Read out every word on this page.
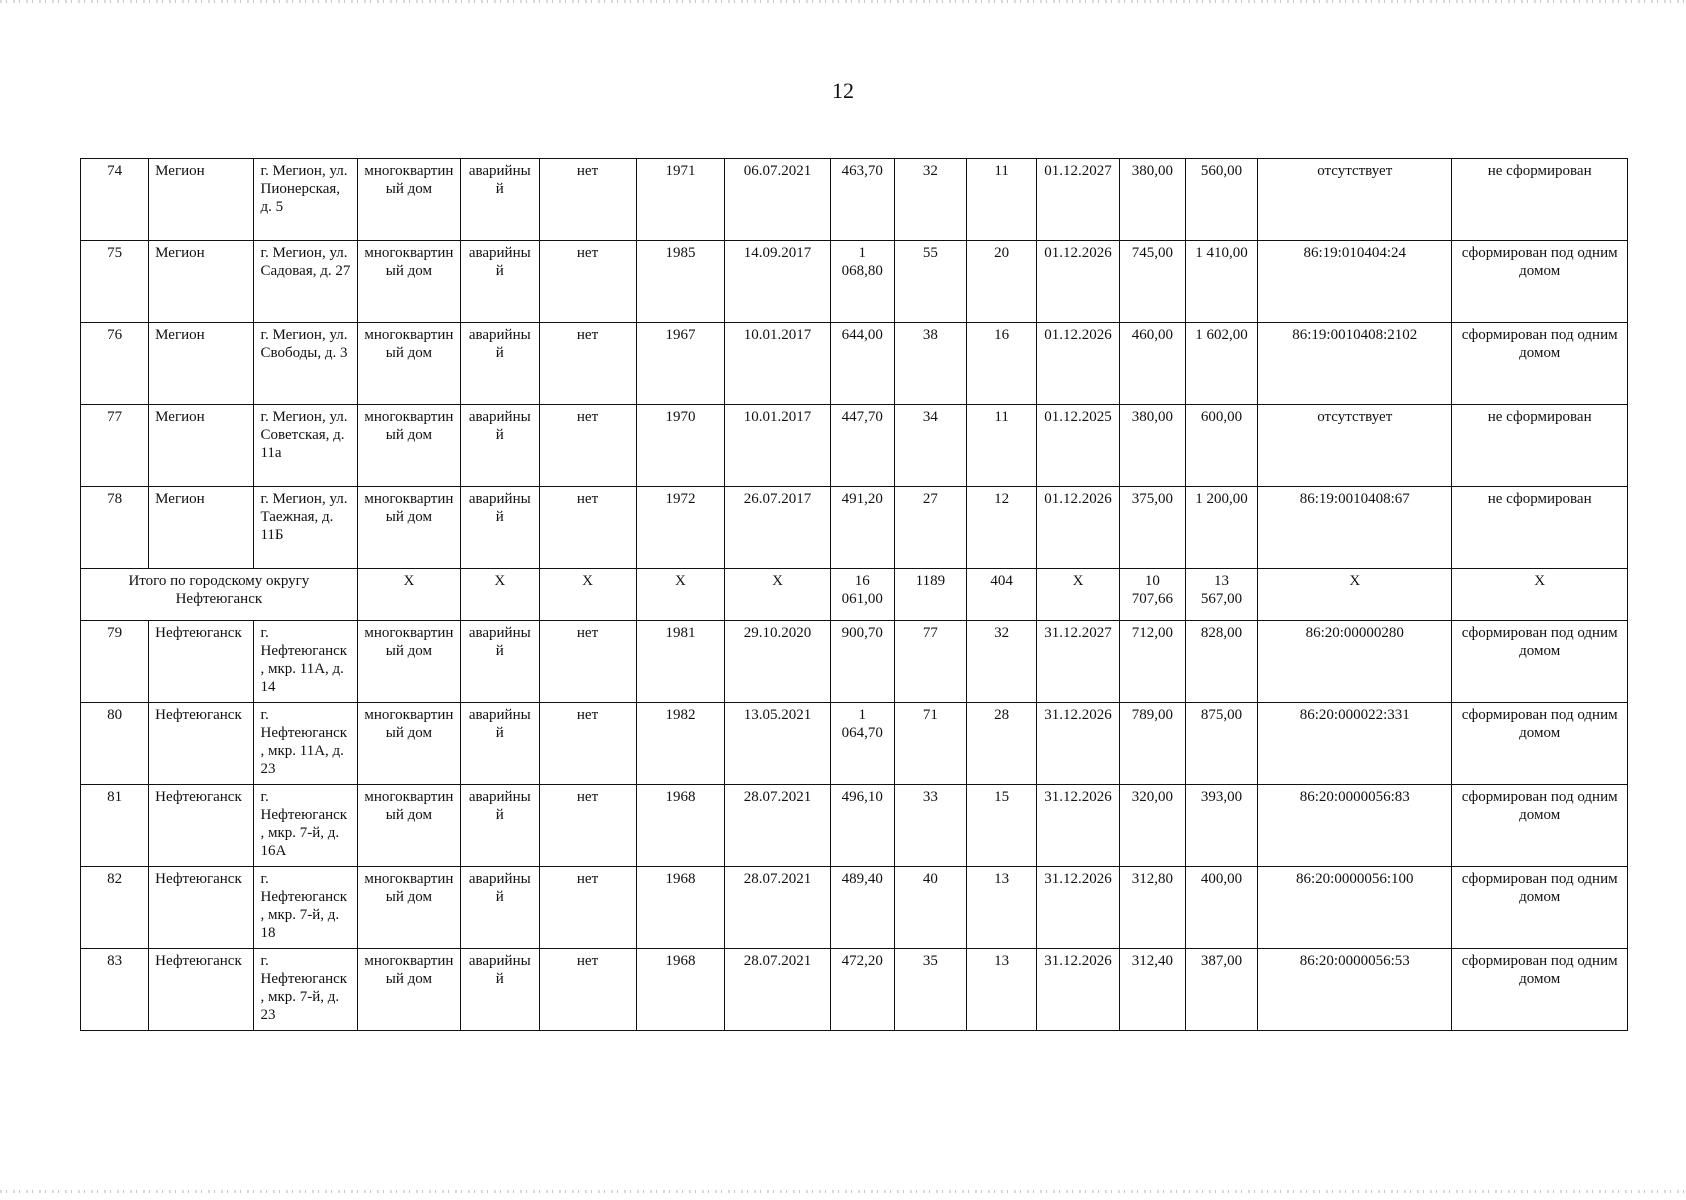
12
74	Мегион	г. Мегион, ул. Пионерская, д. 5	многоквартиный дом	аварийный	нет	1971	06.07.2021	463,70	32	11	01.12.2027	380,00	560,00	отсутствует	не сформирован
75	Мегион	г. Мегион, ул. Садовая, д. 27	многоквартиный дом	аварийный	нет	1985	14.09.2017	1 068,80	55	20	01.12.2026	745,00	1 410,00	86:19:010404:24	сформирован под одним домом
76	Мегион	г. Мегион, ул. Свободы, д. 3	многоквартиный дом	аварийный	нет	1967	10.01.2017	644,00	38	16	01.12.2026	460,00	1 602,00	86:19:0010408:2102	сформирован под одним домом
77	Мегион	г. Мегион, ул. Советская, д. 11а	многоквартиный дом	аварийный	нет	1970	10.01.2017	447,70	34	11	01.12.2025	380,00	600,00	отсутствует	не сформирован
78	Мегион	г. Мегион, ул. Таежная, д. 11Б	многоквартиный дом	аварийный	нет	1972	26.07.2017	491,20	27	12	01.12.2026	375,00	1 200,00	86:19:0010408:67	не сформирован
Итого по городскому округу Нефтеюганск			Х	Х	Х	Х	Х	16 061,00	1189	404	Х	10 707,66	13 567,00	Х	Х
79	Нефтеюганск	г. Нефтеюганск, мкр. 11А, д. 14	многоквартиный дом	аварийный	нет	1981	29.10.2020	900,70	77	32	31.12.2027	712,00	828,00	86:20:00000280	сформирован под одним домом
80	Нефтеюганск	г. Нефтеюганск, мкр. 11А, д. 23	многоквартиный дом	аварийный	нет	1982	13.05.2021	1 064,70	71	28	31.12.2026	789,00	875,00	86:20:000022:331	сформирован под одним домом
81	Нефтеюганск	г. Нефтеюганск, мкр. 7-й, д. 16А	многоквартиный дом	аварийный	нет	1968	28.07.2021	496,10	33	15	31.12.2026	320,00	393,00	86:20:0000056:83	сформирован под одним домом
82	Нефтеюганск	г. Нефтеюганск, мкр. 7-й, д. 18	многоквартиный дом	аварийный	нет	1968	28.07.2021	489,40	40	13	31.12.2026	312,80	400,00	86:20:0000056:100	сформирован под одним домом
83	Нефтеюганск	г. Нефтеюганск, мкр. 7-й, д. 23	многоквартиный дом	аварийный	нет	1968	28.07.2021	472,20	35	13	31.12.2026	312,40	387,00	86:20:0000056:53	сформирован под одним домом
